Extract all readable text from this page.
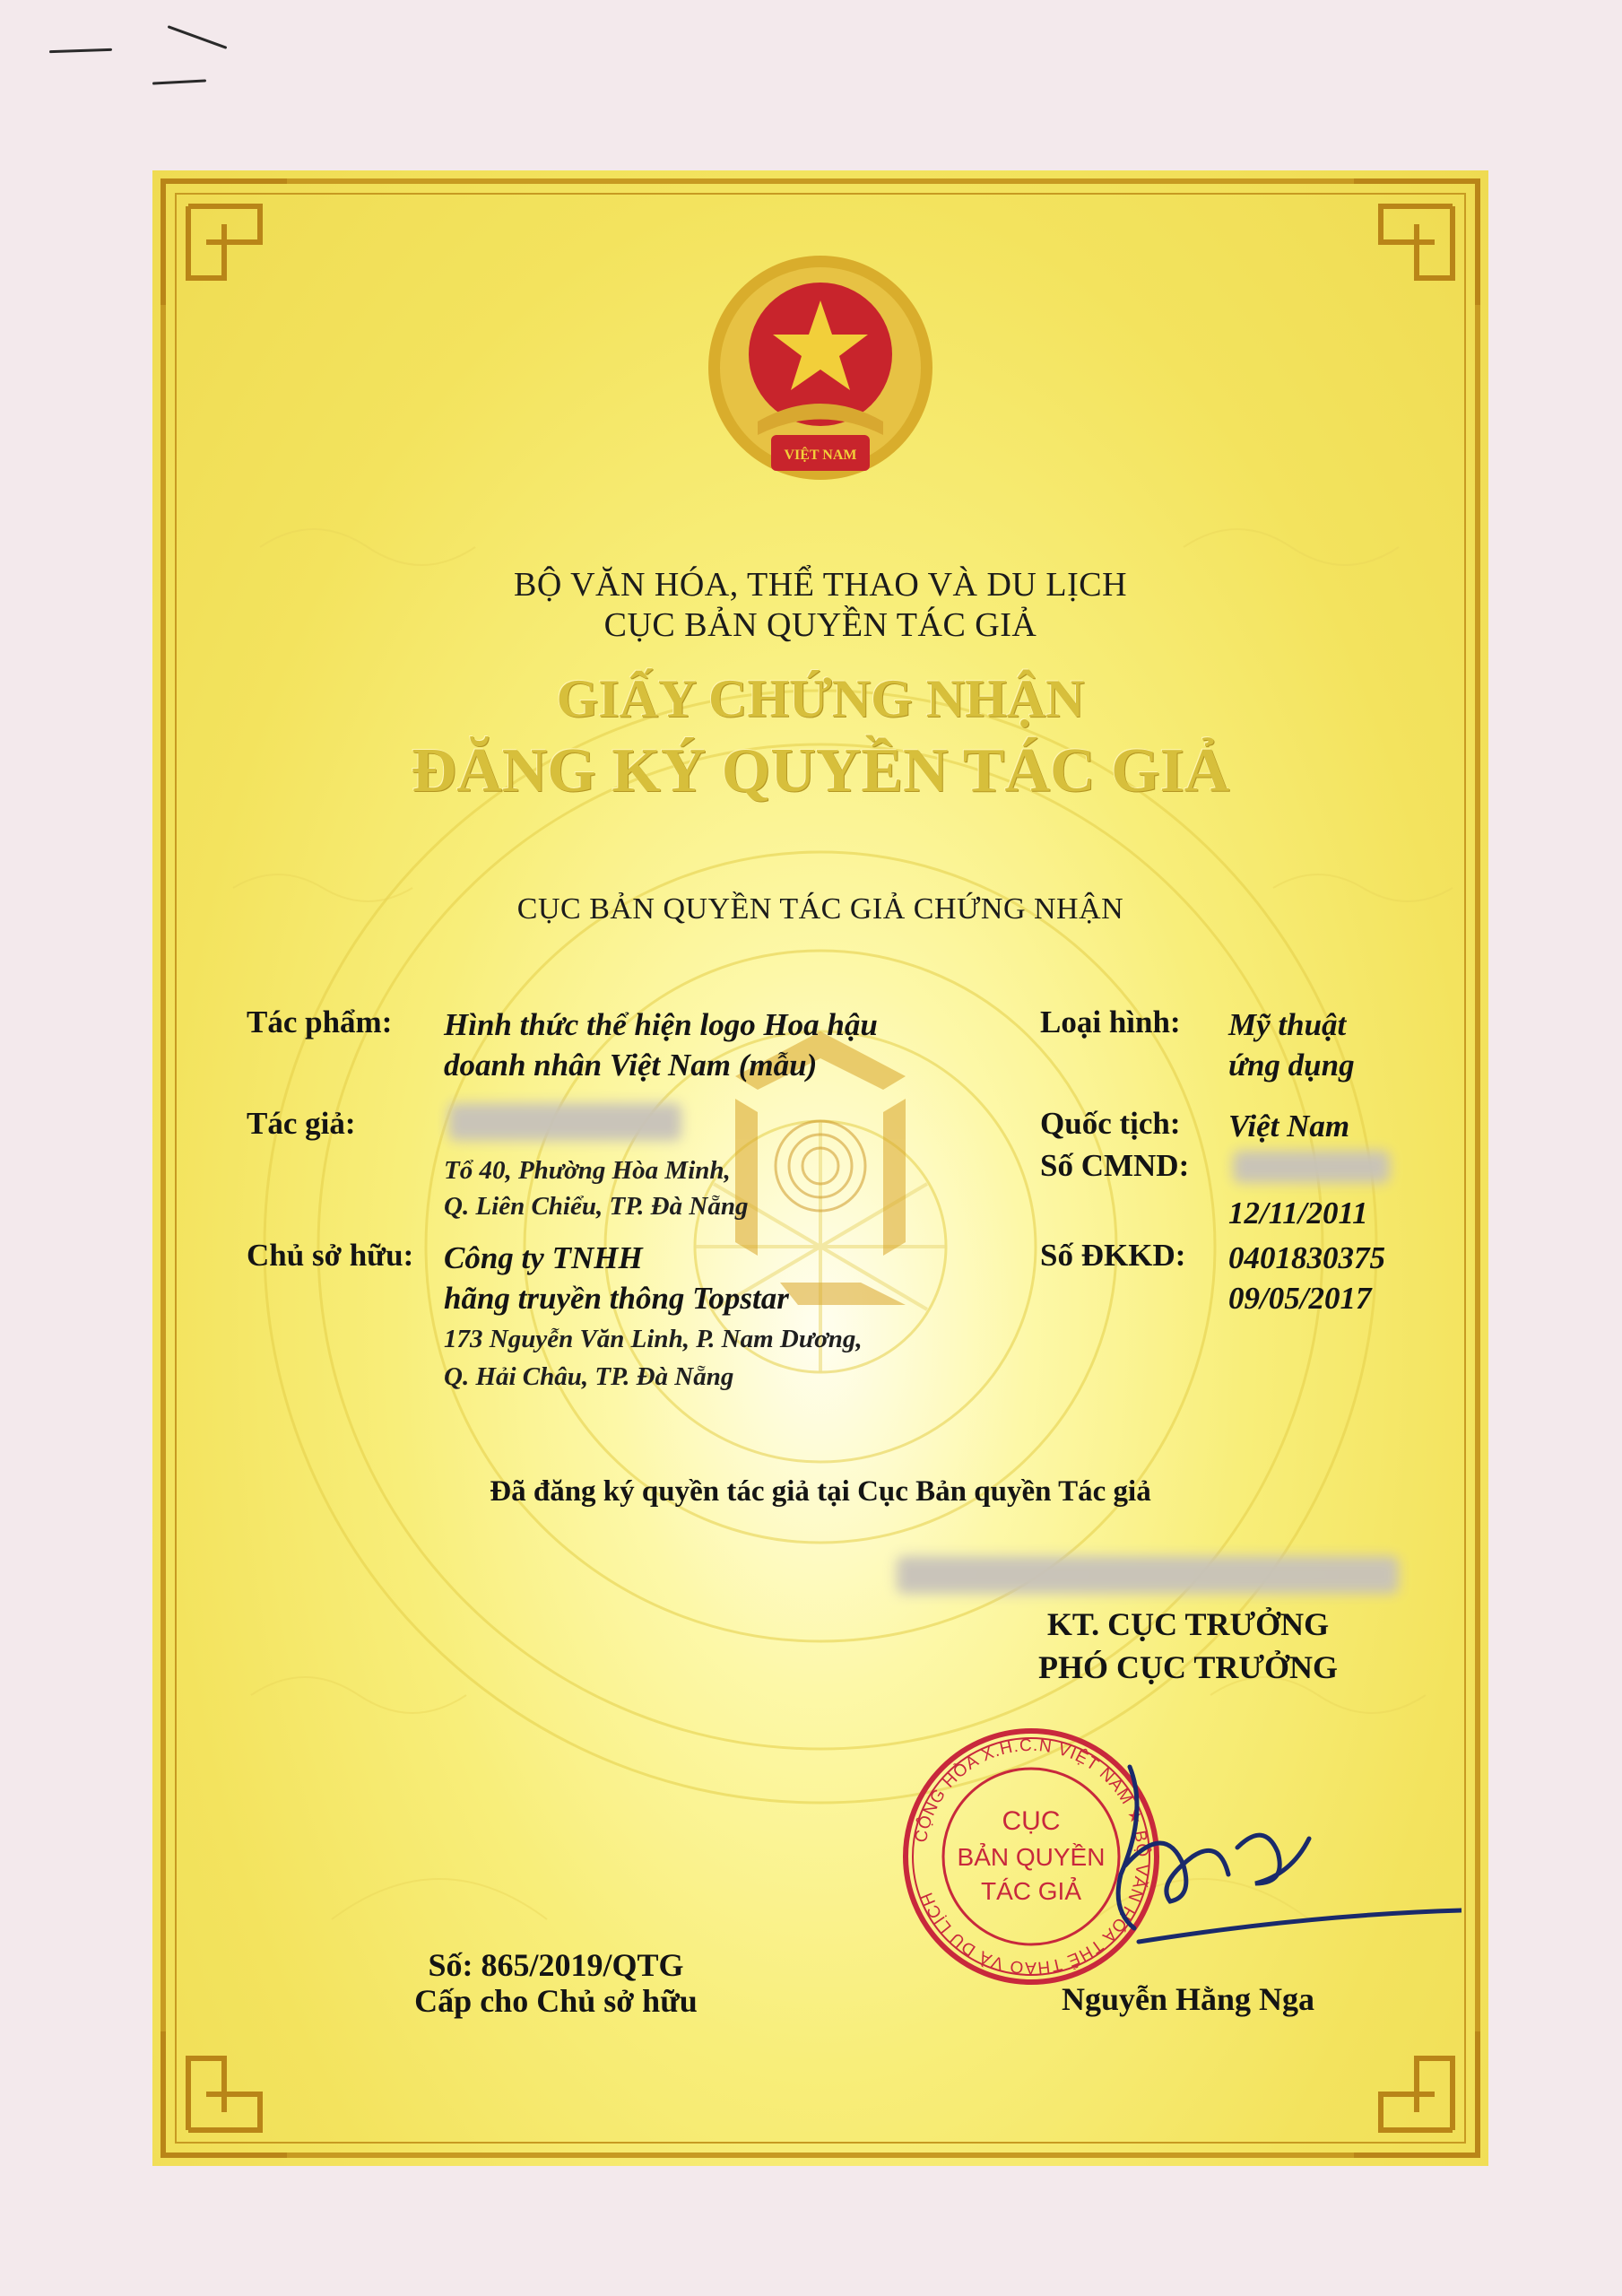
VIỆT NAM
BỘ VĂN HÓA, THỂ THAO VÀ DU LỊCH
CỤC BẢN QUYỀN TÁC GIẢ
GIẤY CHỨNG NHẬN
ĐĂNG KÝ QUYỀN TÁC GIẢ
CỤC BẢN QUYỀN TÁC GIẢ CHỨNG NHẬN
Tác phẩm: Hình thức thể hiện logo Hoa hậu
doanh nhân Việt Nam (mẫu)
Tác giả:
Tổ 40, Phường Hòa Minh,
Q. Liên Chiểu, TP. Đà Nẵng
Chủ sở hữu: Công ty TNHH
hãng truyền thông Topstar
173 Nguyễn Văn Linh, P. Nam Dương,
Q. Hải Châu, TP. Đà Nẵng
Loại hình: Mỹ thuật
ứng dụng
Quốc tịch: Việt Nam
Số CMND:
12/11/2011
Số ĐKKD: 0401830375
09/05/2017
Đã đăng ký quyền tác giả tại Cục Bản quyền Tác giả
KT. CỤC TRƯỞNG
PHÓ CỤC TRƯỞNG
CỘNG HÒA X.H.C.N VIỆT NAM ★ BỘ VĂN HÓA THỂ THAO VÀ DU LỊCH
CỤC
BẢN QUYỀN
TÁC GIẢ
Nguyễn Hằng Nga
Số: 865/2019/QTG
Cấp cho Chủ sở hữu
